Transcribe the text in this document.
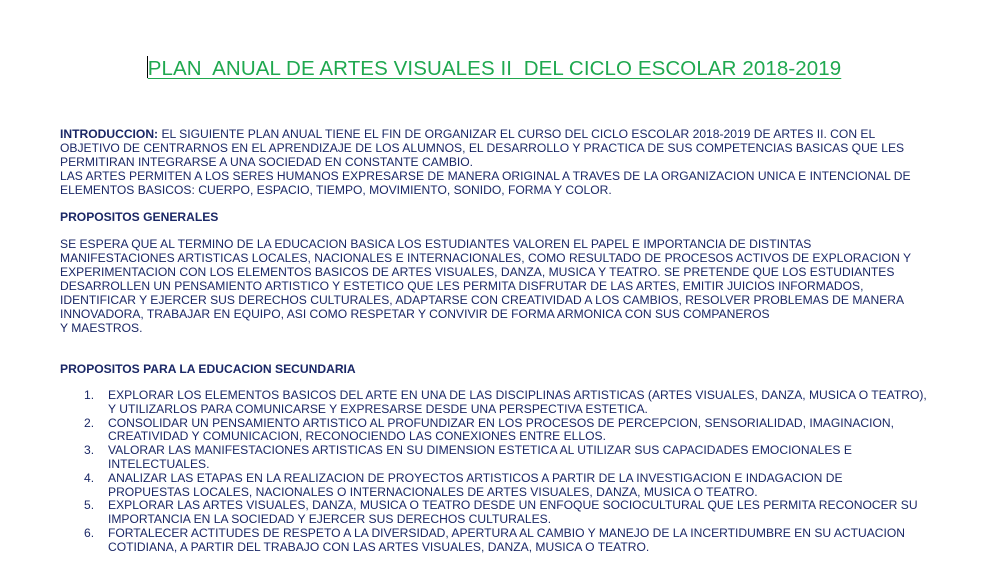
PLAN  ANUAL DE ARTES VISUALES II  DEL CICLO ESCOLAR 2018-2019
INTRODUCCION: EL SIGUIENTE PLAN ANUAL TIENE EL FIN DE ORGANIZAR EL CURSO DEL CICLO ESCOLAR 2018-2019 DE ARTES II. CON EL
OBJETIVO DE CENTRARNOS EN EL APRENDIZAJE DE LOS ALUMNOS, EL DESARROLLO Y PRACTICA DE SUS COMPETENCIAS BASICAS QUE LES
PERMITIRAN INTEGRARSE A UNA SOCIEDAD EN CONSTANTE CAMBIO.
LAS ARTES PERMITEN A LOS SERES HUMANOS EXPRESARSE DE MANERA ORIGINAL A TRAVES DE LA ORGANIZACION UNICA E INTENCIONAL DE
ELEMENTOS BASICOS: CUERPO, ESPACIO, TIEMPO, MOVIMIENTO, SONIDO, FORMA Y COLOR.
PROPOSITOS GENERALES
SE ESPERA QUE AL TERMINO DE LA EDUCACION BASICA LOS ESTUDIANTES VALOREN EL PAPEL E IMPORTANCIA DE DISTINTAS
MANIFESTACIONES ARTISTICAS LOCALES, NACIONALES E INTERNACIONALES, COMO RESULTADO DE PROCESOS ACTIVOS DE EXPLORACION Y
EXPERIMENTACION CON LOS ELEMENTOS BASICOS DE ARTES VISUALES, DANZA, MUSICA Y TEATRO. SE PRETENDE QUE LOS ESTUDIANTES
DESARROLLEN UN PENSAMIENTO ARTISTICO Y ESTETICO QUE LES PERMITA DISFRUTAR DE LAS ARTES, EMITIR JUICIOS INFORMADOS,
IDENTIFICAR Y EJERCER SUS DERECHOS CULTURALES, ADAPTARSE CON CREATIVIDAD A LOS CAMBIOS, RESOLVER PROBLEMAS DE MANERA
INNOVADORA, TRABAJAR EN EQUIPO, ASI COMO RESPETAR Y CONVIVIR DE FORMA ARMONICA CON SUS COMPANEROS
Y MAESTROS.
PROPOSITOS PARA LA EDUCACION SECUNDARIA
1. EXPLORAR LOS ELEMENTOS BASICOS DEL ARTE EN UNA DE LAS DISCIPLINAS ARTISTICAS (ARTES VISUALES, DANZA, MUSICA O TEATRO),
Y UTILIZARLOS PARA COMUNICARSE Y EXPRESARSE DESDE UNA PERSPECTIVA ESTETICA.
2. CONSOLIDAR UN PENSAMIENTO ARTISTICO AL PROFUNDIZAR EN LOS PROCESOS DE PERCEPCION, SENSORIALIDAD, IMAGINACION,
CREATIVIDAD Y COMUNICACION, RECONOCIENDO LAS CONEXIONES ENTRE ELLOS.
3. VALORAR LAS MANIFESTACIONES ARTISTICAS EN SU DIMENSION ESTETICA AL UTILIZAR SUS CAPACIDADES EMOCIONALES E
INTELECTUALES.
4. ANALIZAR LAS ETAPAS EN LA REALIZACION DE PROYECTOS ARTISTICOS A PARTIR DE LA INVESTIGACION E INDAGACION DE
PROPUESTAS LOCALES, NACIONALES O INTERNACIONALES DE ARTES VISUALES, DANZA, MUSICA O TEATRO.
5. EXPLORAR LAS ARTES VISUALES, DANZA, MUSICA O TEATRO DESDE UN ENFOQUE SOCIOCULTURAL QUE LES PERMITA RECONOCER SU
IMPORTANCIA EN LA SOCIEDAD Y EJERCER SUS DERECHOS CULTURALES.
6. FORTALECER ACTITUDES DE RESPETO A LA DIVERSIDAD, APERTURA AL CAMBIO Y MANEJO DE LA INCERTIDUMBRE EN SU ACTUACION
COTIDIANA, A PARTIR DEL TRABAJO CON LAS ARTES VISUALES, DANZA, MUSICA O TEATRO.
